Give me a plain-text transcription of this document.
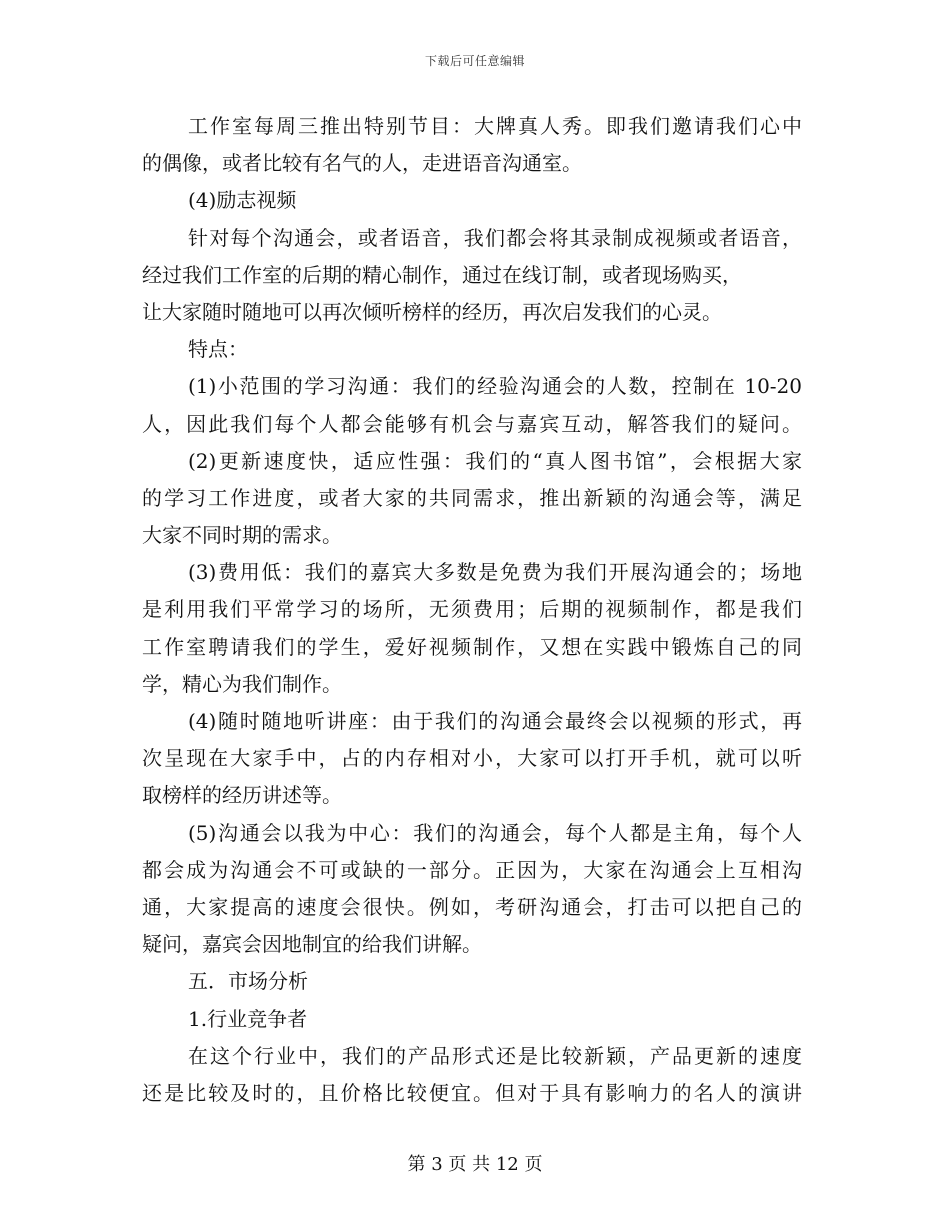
下载后可任意编辑
工作室每周三推出特别节目：大牌真人秀。即我们邀请我们心中
的偶像，或者比较有名气的人，走进语音沟通室。
(4)励志视频
针对每个沟通会，或者语音，我们都会将其录制成视频或者语音，
经过我们工作室的后期的精心制作，通过在线订制，或者现场购买，
让大家随时随地可以再次倾听榜样的经历，再次启发我们的心灵。
特点：
(1)小范围的学习沟通：我们的经验沟通会的人数，控制在 10-20
人，因此我们每个人都会能够有机会与嘉宾互动，解答我们的疑问。
(2)更新速度快，适应性强：我们的“真人图书馆”，会根据大家
的学习工作进度，或者大家的共同需求，推出新颖的沟通会等，满足
大家不同时期的需求。
(3)费用低：我们的嘉宾大多数是免费为我们开展沟通会的；场地
是利用我们平常学习的场所，无须费用；后期的视频制作，都是我们
工作室聘请我们的学生，爱好视频制作，又想在实践中锻炼自己的同
学，精心为我们制作。
(4)随时随地听讲座：由于我们的沟通会最终会以视频的形式，再
次呈现在大家手中，占的内存相对小，大家可以打开手机，就可以听
取榜样的经历讲述等。
(5)沟通会以我为中心：我们的沟通会，每个人都是主角，每个人
都会成为沟通会不可或缺的一部分。正因为，大家在沟通会上互相沟
通，大家提高的速度会很快。例如，考研沟通会，打击可以把自己的
疑问，嘉宾会因地制宜的给我们讲解。
五．市场分析
1.行业竞争者
在这个行业中，我们的产品形式还是比较新颖，产品更新的速度
还是比较及时的，且价格比较便宜。但对于具有影响力的名人的演讲
第 3 页 共 12 页
